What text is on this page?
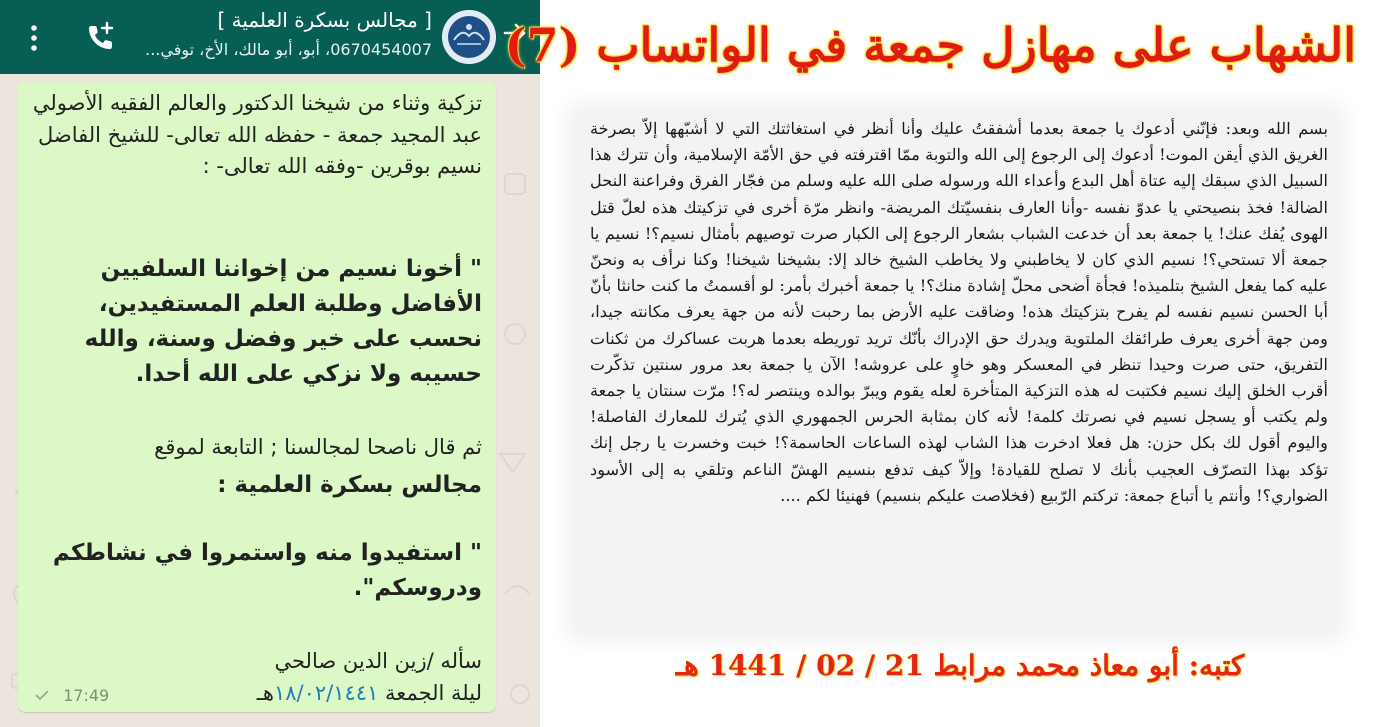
[ مجالس بسكرة العلمية ]
0670454007، أبو، أبو مالك، الأخ، توفي...
تزكية وثناء من شيخنا الدكتور والعالم الفقيه الأصولي عبد المجيد جمعة - حفظه الله تعالى- للشيخ الفاضل نسيم بوقرين -وفقه الله تعالى- :
" أخونا نسيم من إخواننا السلفيين الأفاضل وطلبة العلم المستفيدين، نحسب على خير وفضل وسنة، والله حسيبه ولا نزكي على الله أحدا.
ثم قال ناصحا لمجالسنا ; التابعة لموقع
مجالس بسكرة العلمية :
" استفيدوا منه واستمروا في نشاطكم ودروسكم".
سأله /زين الدين صالحي
ليلة الجمعة ١٨/٠٢/١٤٤١هـ
17:49
الشهاب على مهازل جمعة في الواتساب (7)
بسم الله وبعد: فإنّني أدعوك يا جمعة بعدما أشفقتُ عليك وأنا أنظر في استغاثتك التي لا أشبّهها إلاّ بصرخة الغريق الذي أيقن الموت! أدعوك إلى الرجوع إلى الله والتوبة ممّا اقترفته في حق الأمّة الإسلامية، وأن تترك هذا السبيل الذي سبقك إليه عتاة أهل البدع وأعداء الله ورسوله صلى الله عليه وسلم من فجّار الفرق وفراعنة النحل الضالة! فخذ بنصيحتي يا عدوّ نفسه -وأنا العارف بنفسيّتك المريضة- وانظر مرّة أخرى في تزكيتك هذه لعلّ قتل الهوى يُفك عنك! يا جمعة بعد أن خدعت الشباب بشعار الرجوع إلى الكبار صرت توصيهم بأمثال نسيم؟! نسيم يا جمعة ألا تستحي؟! نسيم الذي كان لا يخاطبني ولا يخاطب الشيخ خالد إلا: بشيخنا شيخنا! وكنا نرأف به ونحنّ عليه كما يفعل الشيخ بتلميذه! فجأة أضحى محلّ إشادة منك؟! يا جمعة أخبرك بأمر: لو أقسمتُ ما كنت حانثا بأنّ أبا الحسن نسيم نفسه لم يفرح بتزكيتك هذه! وضاقت عليه الأرض بما رحبت لأنه من جهة يعرف مكانته جيدا، ومن جهة أخرى يعرف طرائقك الملتوية ويدرك حق الإدراك بأنّك تريد توريطه بعدما هربت عساكرك من ثكنات التفريق، حتى صرت وحيدا تنظر في المعسكر وهو خاوٍ على عروشه! الآن يا جمعة بعد مرور سنتين تذكّرت أقرب الخلق إليك نسيم فكتبت له هذه التزكية المتأخرة لعله يقوم ويبرّ بوالده وينتصر له؟! مرّت سنتان يا جمعة ولم يكتب أو يسجل نسيم في نصرتك كلمة! لأنه كان بمثابة الحرس الجمهوري الذي يُترك للمعارك الفاصلة! واليوم أقول لك بكل حزن: هل فعلا ادخرت هذا الشاب لهذه الساعات الحاسمة؟! خبت وخسرت يا رجل إنك تؤكد بهذا التصرّف العجيب بأنك لا تصلح للقيادة! وإلاّ كيف تدفع بنسيم الهشّ الناعم وتلقي به إلى الأسود الضواري؟! وأنتم يا أتباع جمعة: تركتم الرّبيع (فخلاصت عليكم بنسيم) فهنيئا لكم ....
كتبه: أبو معاذ محمد مرابط 21 / 02 / 1441 هـ
